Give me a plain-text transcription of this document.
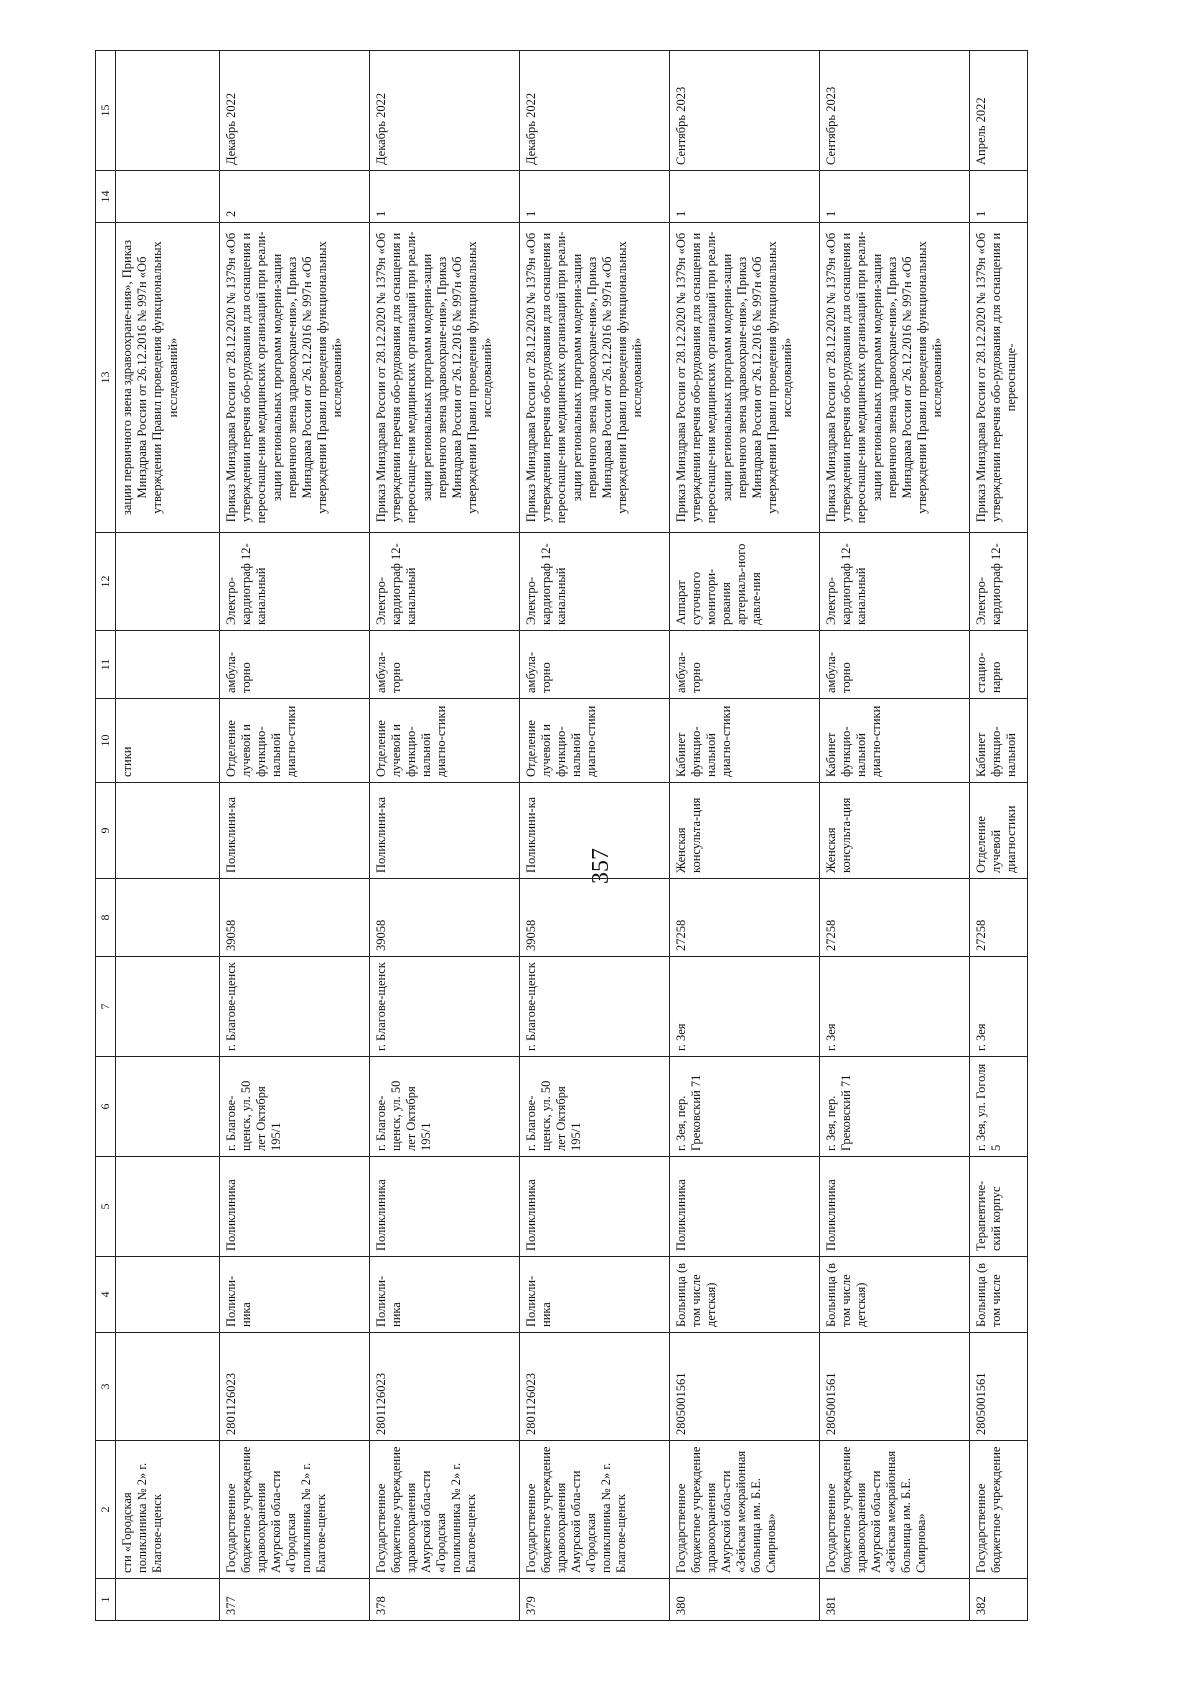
357
1	2	3	4	5	6	7	8	9	10	11	12	13	14	15
	сти «Городская поликлиника № 2» г. Благове-щенск								стики			зации первичного звена здравоохране-ния», Приказ Минздрава России от 26.12.2016 № 997н «Об утверждении Правил проведения функциональных исследований»		
377	Государственное бюджетное учреждение здравоохранения Амурской обла-сти «Городская поликлиника № 2» г. Благове-щенск	2801126023	Поликли-ника	Поликлиника	г. Благове-щенск, ул. 50 лет Октября 195/1	г. Благове-щенск	39058	Поликлини-ка	Отделение лучевой и функцио-нальной диагно-стики	амбула-торно	Электро-кардиограф 12-канальный	Приказ Минздрава России от 28.12.2020 № 1379н «Об утверждении перечня обо-рудования для оснащения и переоснаще-ния медицинских организаций при реали-зации региональных программ модерни-зации первичного звена здравоохране-ния», Приказ Минздрава России от 26.12.2016 № 997н «Об утверждении Правил проведения функциональных исследований»	2	Декабрь 2022
378	Государственное бюджетное учреждение здравоохранения Амурской обла-сти «Городская поликлиника № 2» г. Благове-щенск	2801126023	Поликли-ника	Поликлиника	г. Благове-щенск, ул. 50 лет Октября 195/1	г. Благове-щенск	39058	Поликлини-ка	Отделение лучевой и функцио-нальной диагно-стики	амбула-торно	Электро-кардиограф 12-канальный	Приказ Минздрава России от 28.12.2020 № 1379н «Об утверждении перечня обо-рудования для оснащения и переоснаще-ния медицинских организаций при реали-зации региональных программ модерни-зации первичного звена здравоохране-ния», Приказ Минздрава России от 26.12.2016 № 997н «Об утверждении Правил проведения функциональных исследований»	1	Декабрь 2022
379	Государственное бюджетное учреждение здравоохранения Амурской обла-сти «Городская поликлиника № 2» г. Благове-щенск	2801126023	Поликли-ника	Поликлиника	г. Благове-щенск, ул. 50 лет Октября 195/1	г. Благове-щенск	39058	Поликлини-ка	Отделение лучевой и функцио-нальной диагно-стики	амбула-торно	Электро-кардиограф 12-канальный	Приказ Минздрава России от 28.12.2020 № 1379н «Об утверждении перечня обо-рудования для оснащения и переоснаще-ния медицинских организаций при реали-зации региональных программ модерни-зации первичного звена здравоохране-ния», Приказ Минздрава России от 26.12.2016 № 997н «Об утверждении Правил проведения функциональных исследований»	1	Декабрь 2022
380	Государственное бюджетное учреждение здравоохранения Амурской обла-сти «Зейская межрайонная больница им. Б.Е. Смирнова»	2805001561	Больница (в том числе детская)	Поликлиника	г. Зея, пер. Грековский 71	г. Зея	27258	Женская консульта-ция	Кабинет функцио-нальной диагно-стики	амбула-торно	Аппарат суточного монитори-рования артериаль-ного давле-ния	Приказ Минздрава России от 28.12.2020 № 1379н «Об утверждении перечня обо-рудования для оснащения и переоснаще-ния медицинских организаций при реали-зации региональных программ модерни-зации первичного звена здравоохране-ния», Приказ Минздрава России от 26.12.2016 № 997н «Об утверждении Правил проведения функциональных исследований»	1	Сентябрь 2023
381	Государственное бюджетное учреждение здравоохранения Амурской обла-сти «Зейская межрайонная больница им. Б.Е. Смирнова»	2805001561	Больница (в том числе детская)	Поликлиника	г. Зея, пер. Грековский 71	г. Зея	27258	Женская консульта-ция	Кабинет функцио-нальной диагно-стики	амбула-торно	Электро-кардиограф 12-канальный	Приказ Минздрава России от 28.12.2020 № 1379н «Об утверждении перечня обо-рудования для оснащения и переоснаще-ния медицинских организаций при реали-зации региональных программ модерни-зации первичного звена здравоохране-ния», Приказ Минздрава России от 26.12.2016 № 997н «Об утверждении Правил проведения функциональных исследований»	1	Сентябрь 2023
382	Государственное бюджетное учреждение	2805001561	Больница (в том числе	Терапевтиче-ский корпус	г. Зея, ул. Гоголя 5	г. Зея	27258	Отделение лучевой диагностики	Кабинет функцио-нальной	стацио-нарно	Электро-кардиограф 12-	Приказ Минздрава России от 28.12.2020 № 1379н «Об утверждении перечня обо-рудования для оснащения и переоснаще-	1	Апрель 2022
